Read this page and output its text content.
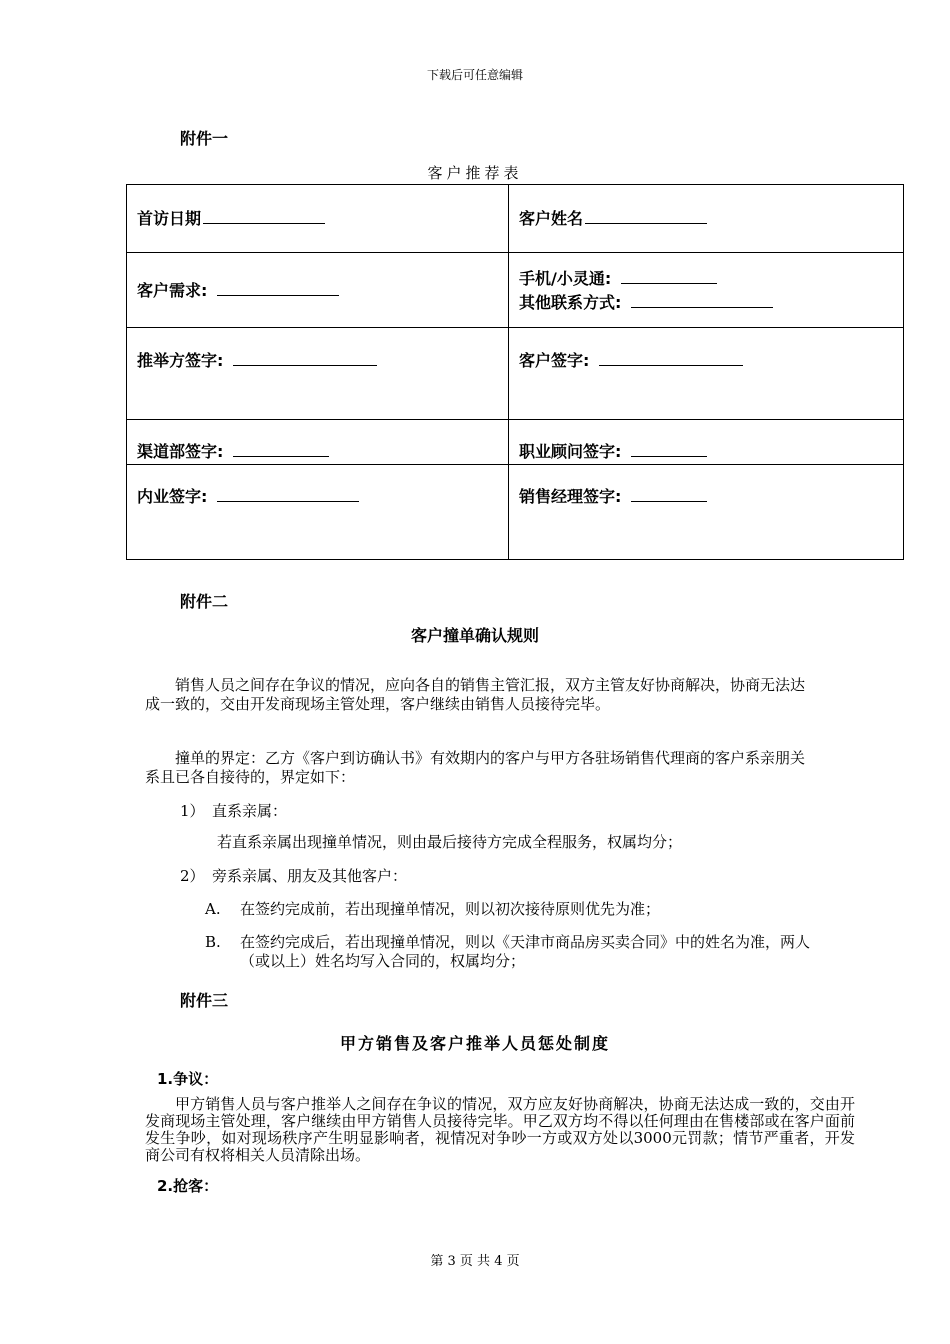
下载后可任意编辑
附件一
客户推荐表
首访日期	客户姓名

客户需求:	手机/小灵通:
其他联系方式:

推举方签字:	客户签字:

渠道部签字:	职业顾问签字:

内业签字:	销售经理签字:
附件二
客户撞单确认规则
销售人员之间存在争议的情况，应向各自的销售主管汇报，双方主管友好协商解决，协商无法达成一致的，交由开发商现场主管处理，客户继续由销售人员接待完毕。
撞单的界定：乙方《客户到访确认书》有效期内的客户与甲方各驻场销售代理商的客户系亲朋关系且已各自接待的，界定如下：
1） 直系亲属：
若直系亲属出现撞单情况，则由最后接待方完成全程服务，权属均分；
2） 旁系亲属、朋友及其他客户：
A. 在签约完成前，若出现撞单情况，则以初次接待原则优先为准；
B. 在签约完成后，若出现撞单情况，则以《天津市商品房买卖合同》中的姓名为准，两人（或以上）姓名均写入合同的，权属均分；
附件三
甲方销售及客户推举人员惩处制度
1.争议：
甲方销售人员与客户推举人之间存在争议的情况，双方应友好协商解决，协商无法达成一致的，交由开发商现场主管处理，客户继续由甲方销售人员接待完毕。甲乙双方均不得以任何理由在售楼部或在客户面前发生争吵，如对现场秩序产生明显影响者，视情况对争吵一方或双方处以3000元罚款；情节严重者，开发商公司有权将相关人员清除出场。
2.抢客：
第 3 页 共 4 页
